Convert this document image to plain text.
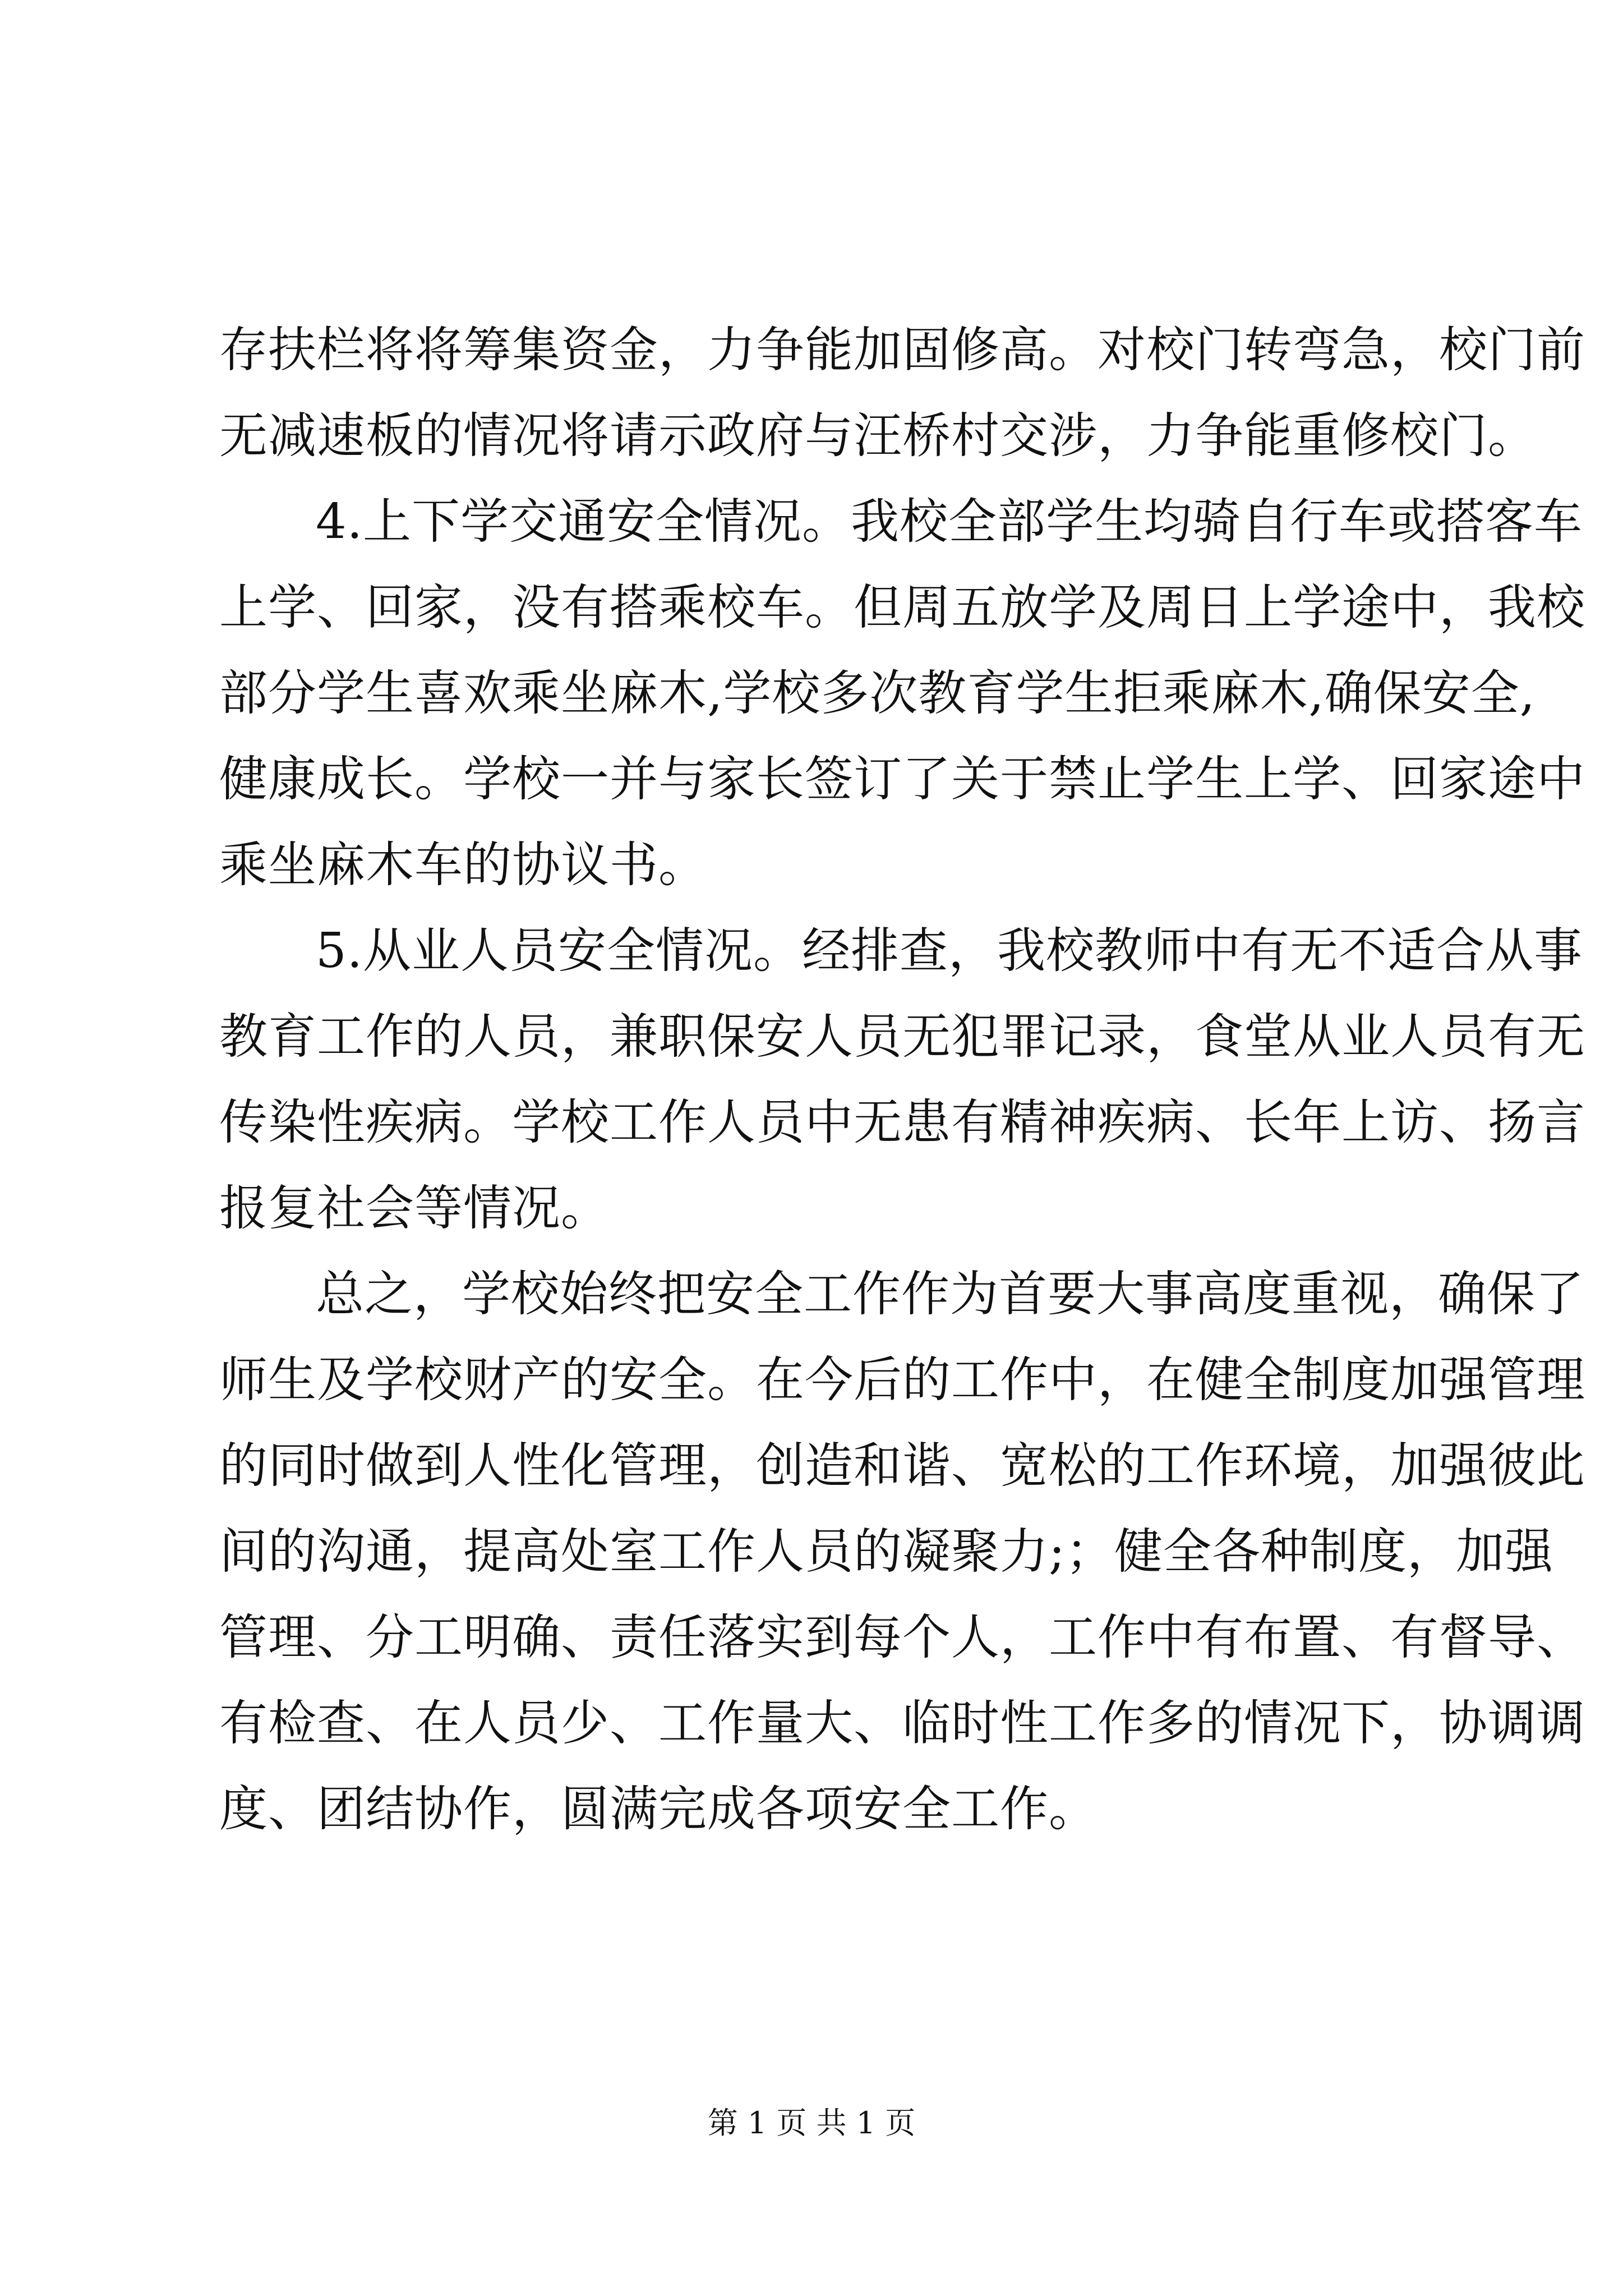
存扶栏将将筹集资金，力争能加固修高。对校门转弯急，校门前
无减速板的情况将请示政府与汪桥村交涉，力争能重修校门。
4.上下学交通安全情况。我校全部学生均骑自行车或搭客车
上学、回家，没有搭乘校车。但周五放学及周日上学途中，我校
部分学生喜欢乘坐麻木,学校多次教育学生拒乘麻木,确保安全,
健康成长。学校一并与家长签订了关于禁止学生上学、回家途中
乘坐麻木车的协议书。
5.从业人员安全情况。经排查，我校教师中有无不适合从事
教育工作的人员，兼职保安人员无犯罪记录，食堂从业人员有无
传染性疾病。学校工作人员中无患有精神疾病、长年上访、扬言
报复社会等情况。
总之，学校始终把安全工作作为首要大事高度重视，确保了
师生及学校财产的安全。在今后的工作中，在健全制度加强管理
的同时做到人性化管理，创造和谐、宽松的工作环境，加强彼此
间的沟通，提高处室工作人员的凝聚力;；健全各种制度，加强
管理、分工明确、责任落实到每个人，工作中有布置、有督导、
有检查、在人员少、工作量大、临时性工作多的情况下，协调调
度、团结协作，圆满完成各项安全工作。
第 1 页 共 1 页
